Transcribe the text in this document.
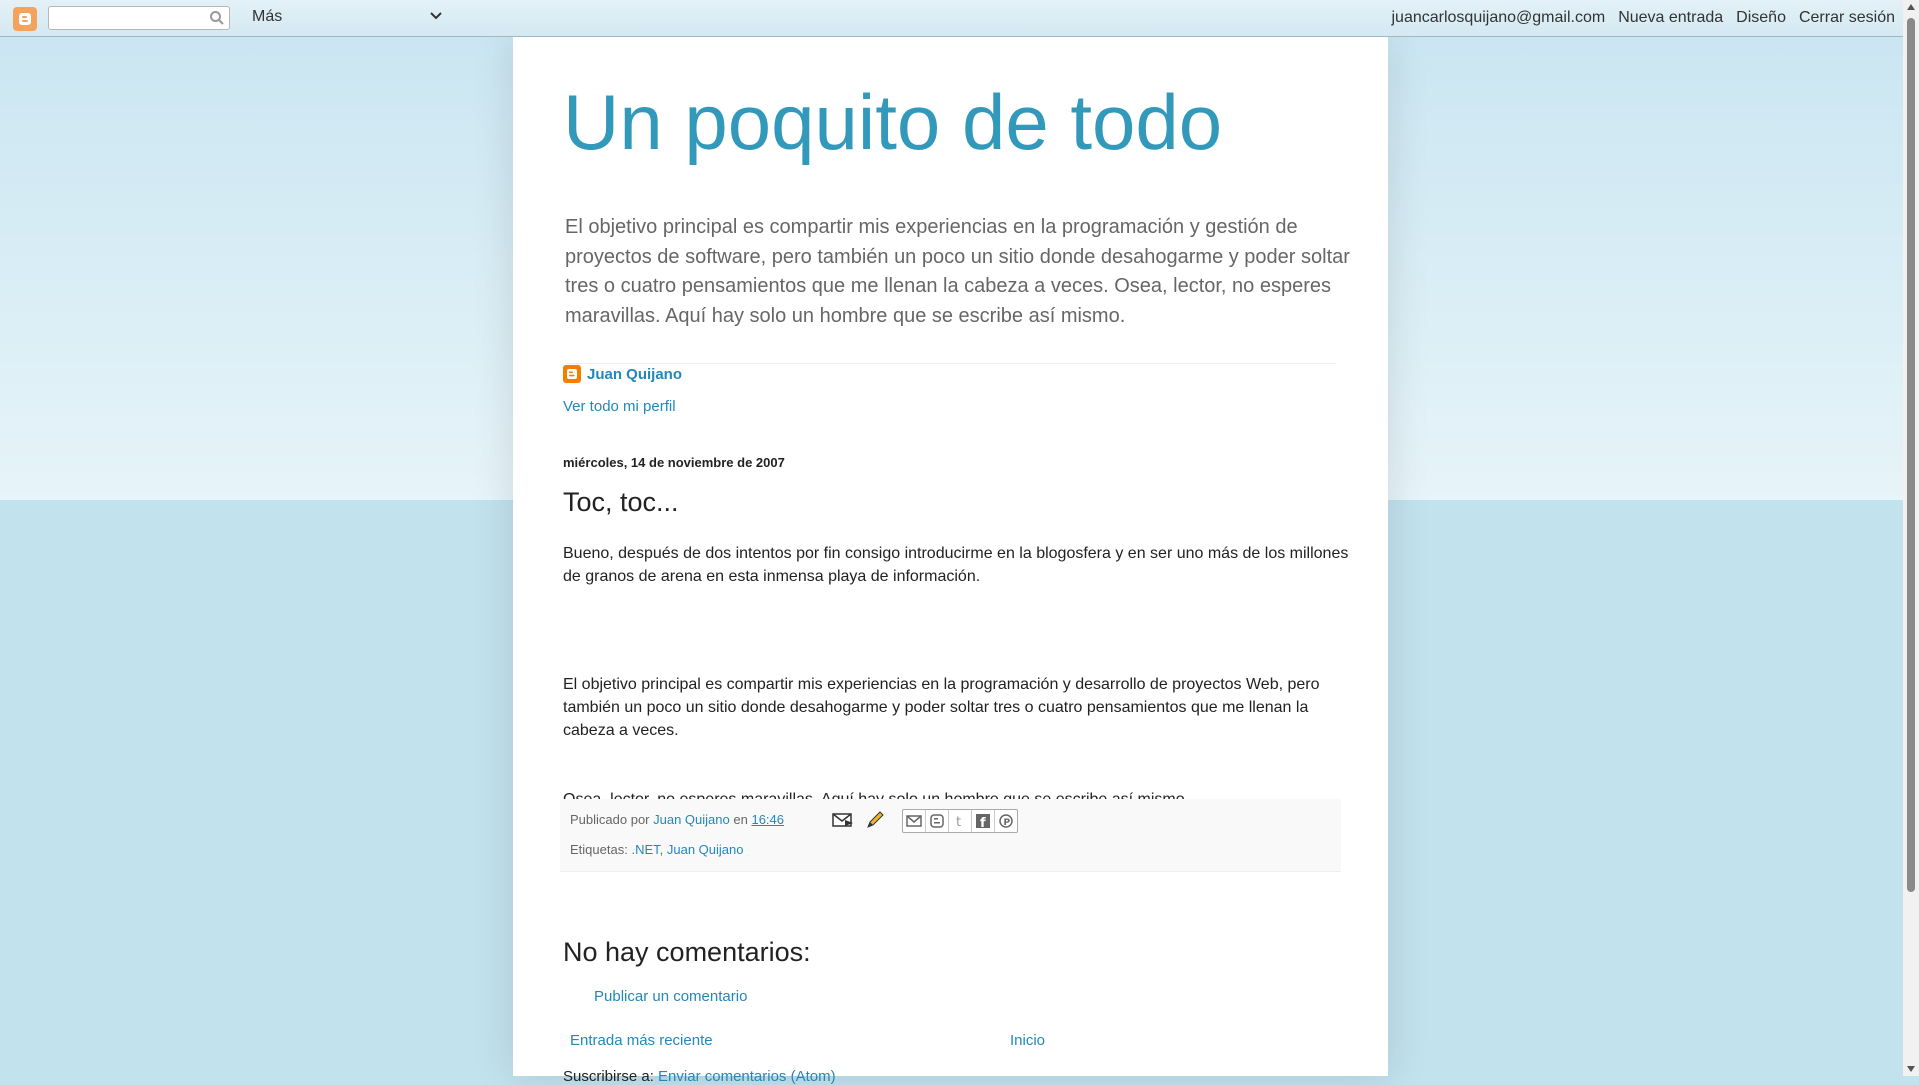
Más	juancarlosquijano@gmail.com Nueva entrada Diseño Cerrar sesión
Un poquito de todo

El objetivo principal es compartir mis experiencias en la programación y gestión de proyectos de software, pero también un poco un sitio donde desahogarme y poder soltar tres o cuatro pensamientos que me llenan la cabeza a veces. Osea, lector, no esperes maravillas. Aquí hay solo un hombre que se escribe así mismo.

Juan Quijano
Ver todo mi perfil
miércoles, 14 de noviembre de 2007
Toc, toc...

Bueno, después de dos intentos por fin consigo introducirme en la blogosfera y en ser uno más de los millones de granos de arena en esta inmensa playa de información.

El objetivo principal es compartir mis experiencias en la programación y desarrollo de proyectos Web, pero también un poco un sitio donde desahogarme y poder soltar tres o cuatro pensamientos que me llenan la cabeza a veces.

Publicado por Juan Quijano en 16:46	t f P
Etiquetas: .NET, Juan Quijano
No hay comentarios:
Publicar un comentario
Entrada más reciente	Inicio
Suscribirse a: Enviar comentarios (Atom)
